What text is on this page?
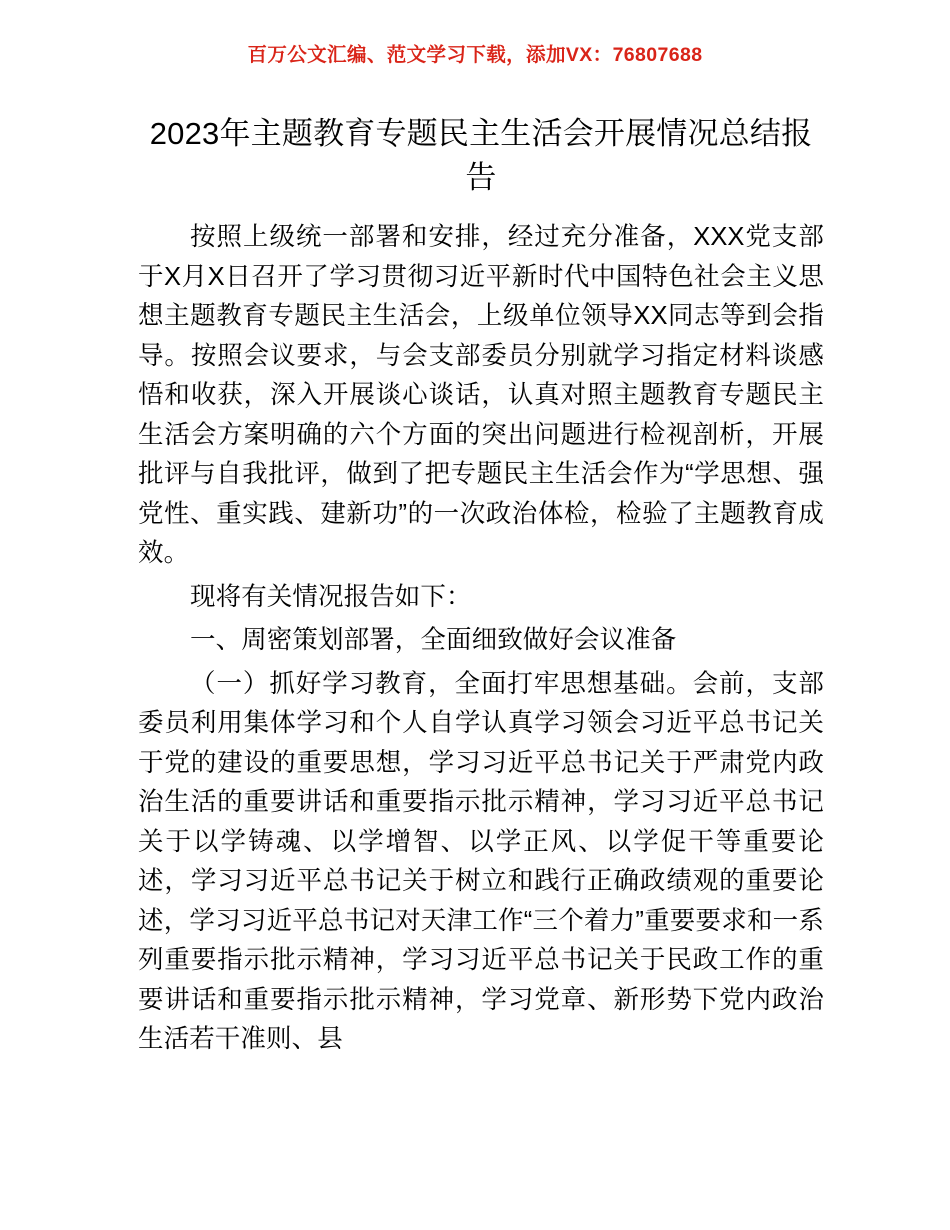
百万公文汇编、范文学习下载，添加VX：76807688
2023年主题教育专题民主生活会开展情况总结报告

按照上级统一部署和安排，经过充分准备，XXX党支部于X月X日召开了学习贯彻习近平新时代中国特色社会主义思想主题教育专题民主生活会，上级单位领导XX同志等到会指导。按照会议要求，与会支部委员分别就学习指定材料谈感悟和收获，深入开展谈心谈话，认真对照主题教育专题民主生活会方案明确的六个方面的突出问题进行检视剖析，开展批评与自我批评，做到了把专题民主生活会作为“学思想、强党性、重实践、建新功”的一次政治体检，检验了主题教育成效。

现将有关情况报告如下：

一、周密策划部署，全面细致做好会议准备

（一）抓好学习教育，全面打牢思想基础。会前，支部委员利用集体学习和个人自学认真学习领会习近平总书记关于党的建设的重要思想，学习习近平总书记关于严肃党内政治生活的重要讲话和重要指示批示精神，学习习近平总书记关于以学铸魂、以学增智、以学正风、以学促干等重要论述，学习习近平总书记关于树立和践行正确政绩观的重要论述，学习习近平总书记对天津工作“三个着力”重要要求和一系列重要指示批示精神，学习习近平总书记关于民政工作的重要讲话和重要指示批示精神，学习党章、新形势下党内政治生活若干准则、县
